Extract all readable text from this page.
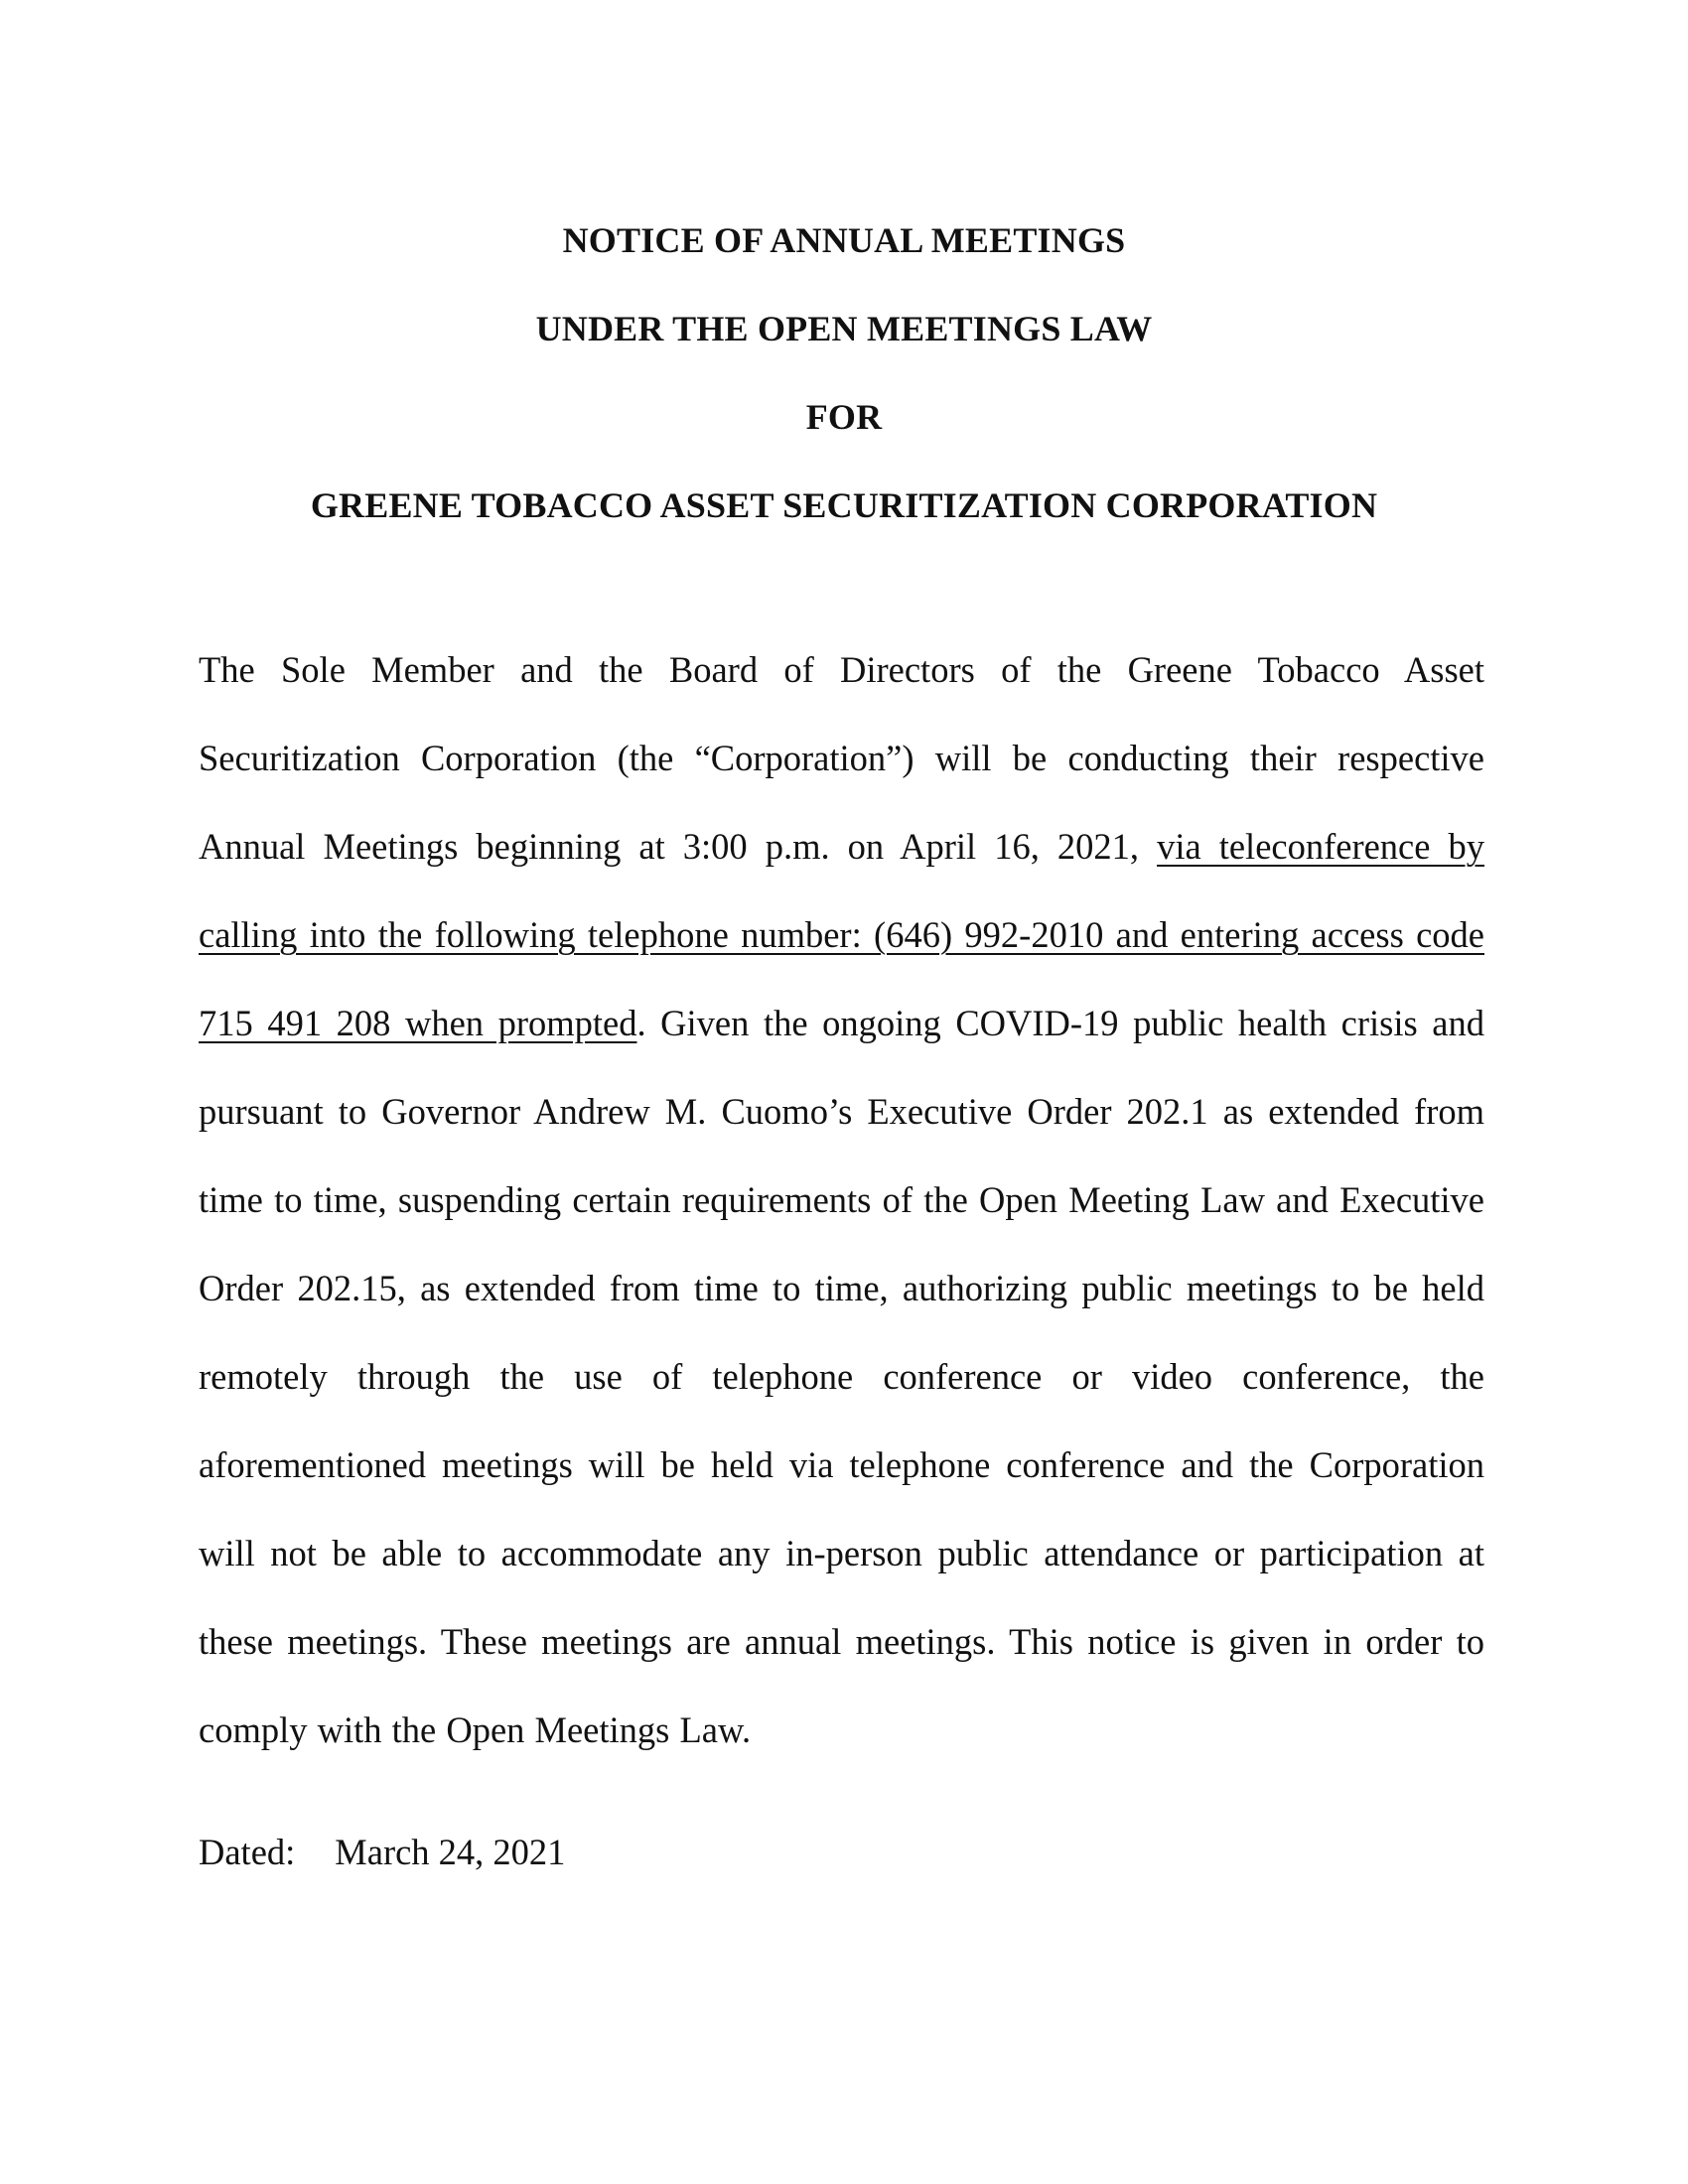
NOTICE OF ANNUAL MEETINGS

UNDER THE OPEN MEETINGS LAW

FOR

GREENE TOBACCO ASSET SECURITIZATION CORPORATION

The Sole Member and the Board of Directors of the Greene Tobacco Asset Securitization Corporation (the “Corporation”) will be conducting their respective Annual Meetings beginning at 3:00 p.m. on April 16, 2021, via teleconference by calling into the following telephone number: (646) 992-2010 and entering access code 715 491 208 when prompted. Given the ongoing COVID-19 public health crisis and pursuant to Governor Andrew M. Cuomo’s Executive Order 202.1 as extended from time to time, suspending certain requirements of the Open Meeting Law and Executive Order 202.15, as extended from time to time, authorizing public meetings to be held remotely through the use of telephone conference or video conference, the aforementioned meetings will be held via telephone conference and the Corporation will not be able to accommodate any in-person public attendance or participation at these meetings. These meetings are annual meetings. This notice is given in order to comply with the Open Meetings Law.

Dated: March 24, 2021
